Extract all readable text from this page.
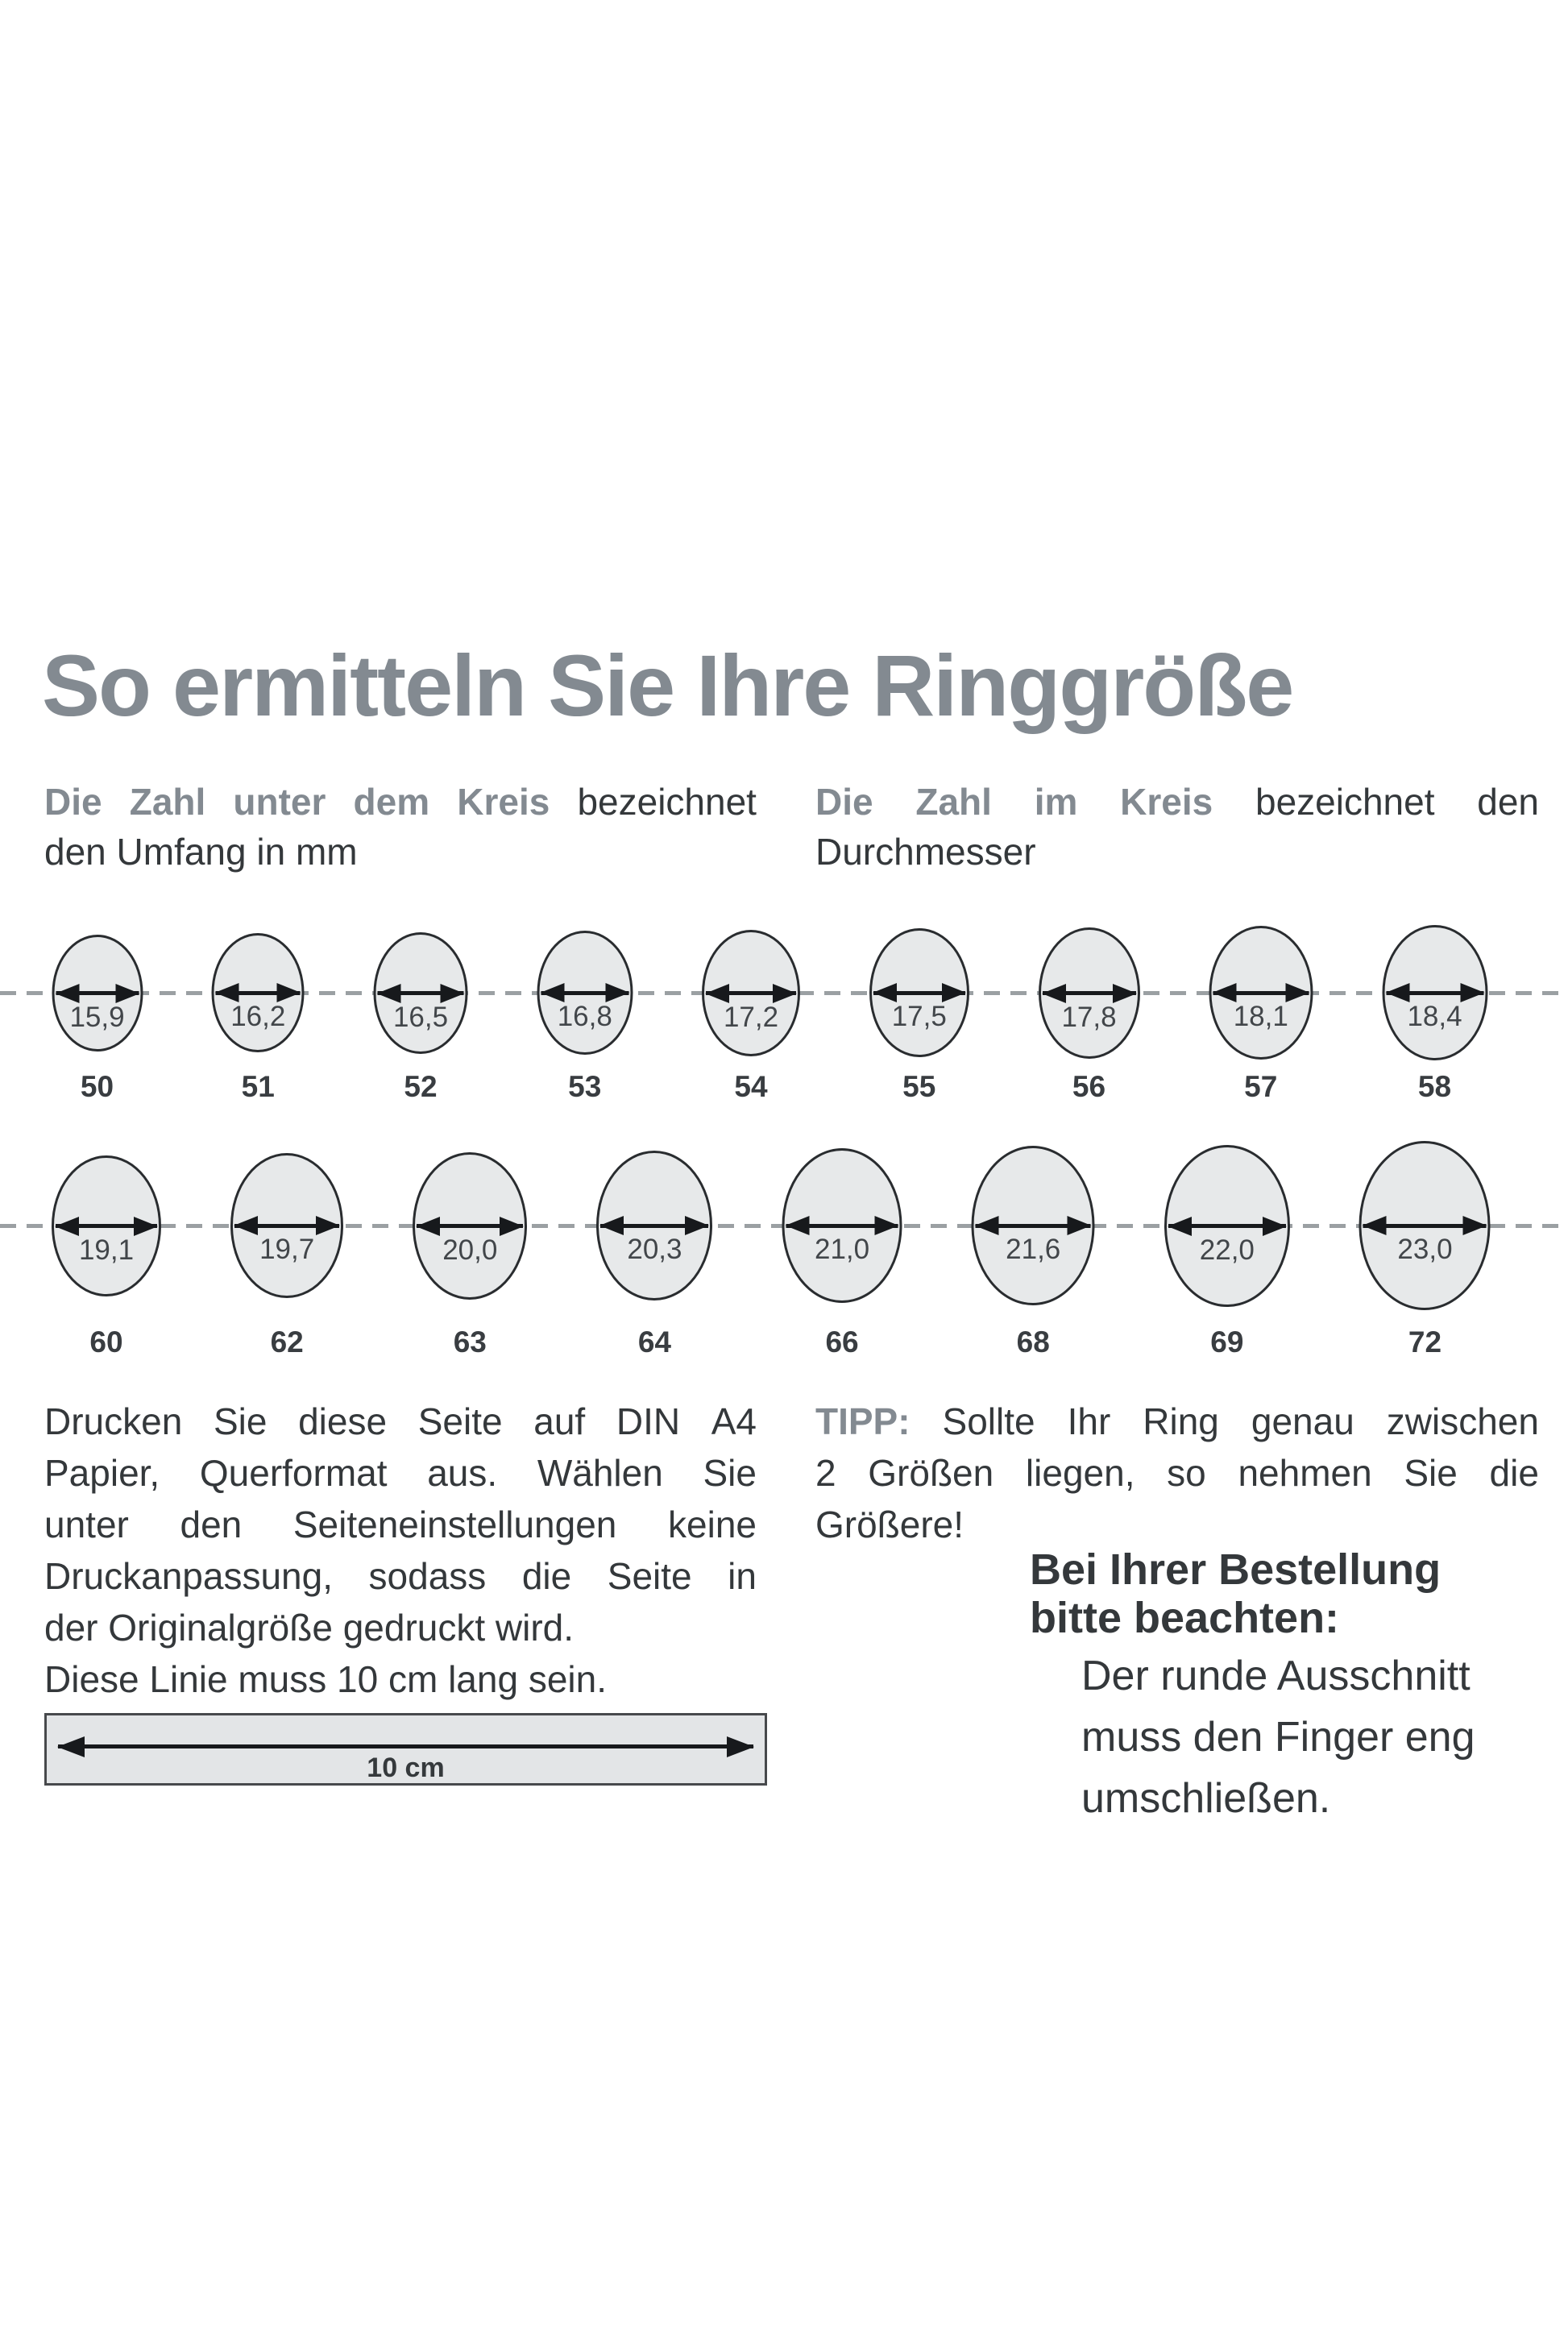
So ermitteln Sie Ihre Ringgröße
Die Zahl unter dem Kreis bezeichnet
den Umfang in mm
Die Zahl im Kreis bezeichnet den
Durchmesser
15,9
50
16,2
51
16,5
52
16,8
53
17,2
54
17,5
55
17,8
56
18,1
57
18,4
58
19,1
60
19,7
62
20,0
63
20,3
64
21,0
66
21,6
68
22,0
69
23,0
72
Drucken Sie diese Seite auf DIN A4
Papier, Querformat aus. Wählen Sie
unter den Seiteneinstellungen keine
Druckanpassung, sodass die Seite in
der Originalgröße gedruckt wird.
Diese Linie muss 10 cm lang sein.
10 cm
TIPP: Sollte Ihr Ring genau zwischen
2 Größen liegen, so nehmen Sie die
Größere!
Bei Ihrer Bestellung
bitte beachten:
Der runde Ausschnitt
muss den Finger eng
umschließen.
